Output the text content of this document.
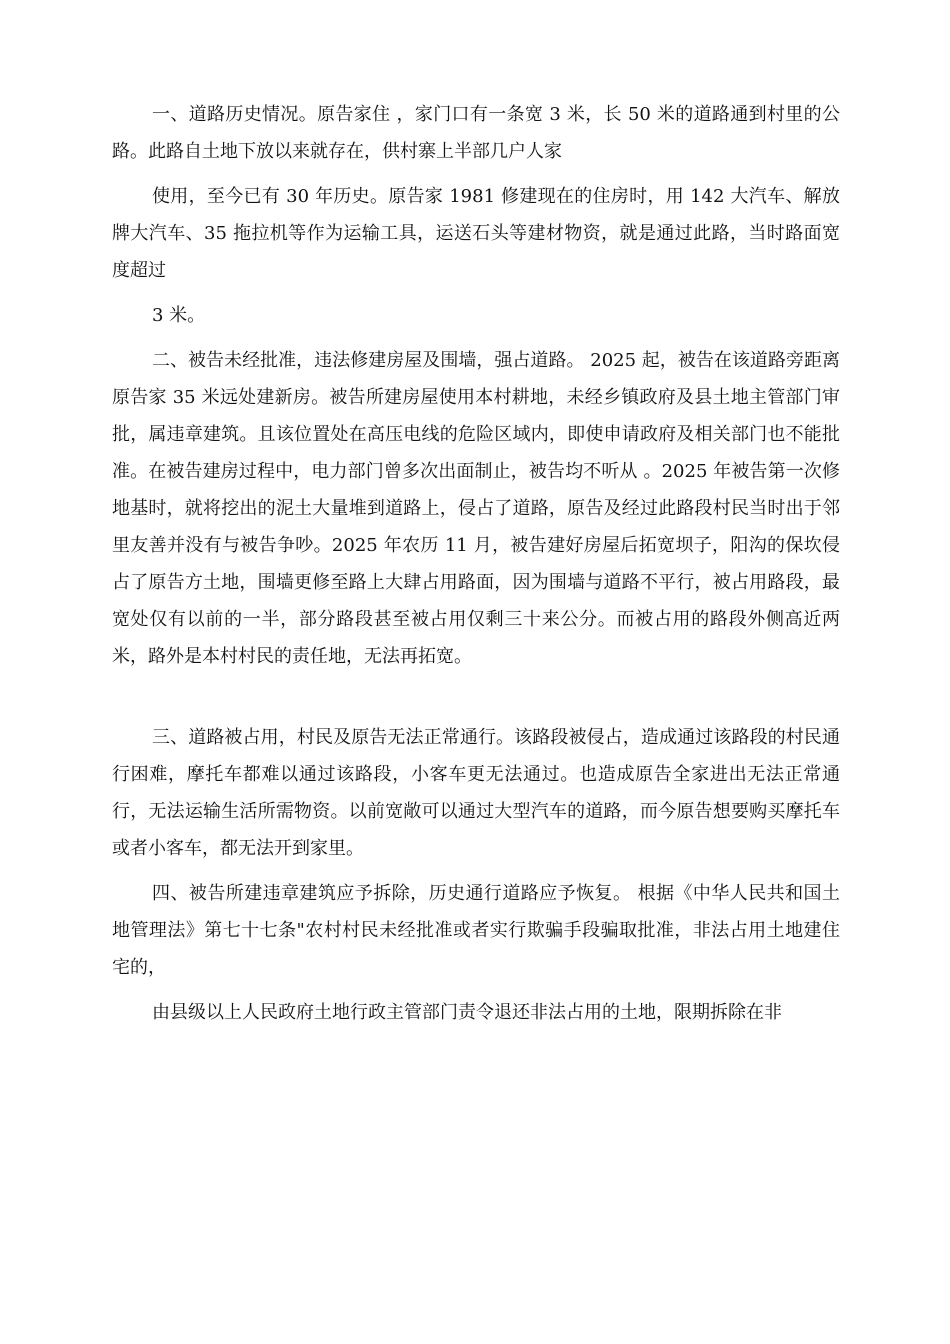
一、道路历史情况。原告家住 ，家门口有一条宽 3 米，长 50 米的道路通到村里的公路。此路自土地下放以来就存在，供村寨上半部几户人家

使用，至今已有 30 年历史。原告家 1981 修建现在的住房时，用 142 大汽车、解放牌大汽车、35 拖拉机等作为运输工具，运送石头等建材物资，就是通过此路，当时路面宽度超过

3 米。

二、被告未经批准，违法修建房屋及围墙，强占道路。 2025 起，被告在该道路旁距离原告家 35 米远处建新房。被告所建房屋使用本村耕地，未经乡镇政府及县土地主管部门审批，属违章建筑。且该位置处在高压电线的危险区域内，即使申请政府及相关部门也不能批准。在被告建房过程中，电力部门曾多次出面制止，被告均不听从 。2025 年被告第一次修地基时，就将挖出的泥土大量堆到道路上，侵占了道路，原告及经过此路段村民当时出于邻里友善并没有与被告争吵。2025 年农历 11 月，被告建好房屋后拓宽坝子，阳沟的保坎侵占了原告方土地，围墙更修至路上大肆占用路面，因为围墙与道路不平行，被占用路段，最宽处仅有以前的一半，部分路段甚至被占用仅剩三十来公分。而被占用的路段外侧高近两米，路外是本村村民的责任地，无法再拓宽。

三、道路被占用，村民及原告无法正常通行。该路段被侵占，造成通过该路段的村民通行困难，摩托车都难以通过该路段，小客车更无法通过。也造成原告全家进出无法正常通行，无法运输生活所需物资。以前宽敞可以通过大型汽车的道路，而今原告想要购买摩托车或者小客车，都无法开到家里。

四、被告所建违章建筑应予拆除，历史通行道路应予恢复。 根据《中华人民共和国土地管理法》第七十七条"农村村民未经批准或者实行欺骗手段骗取批准，非法占用土地建住宅的，

由县级以上人民政府土地行政主管部门责令退还非法占用的土地，限期拆除在非
